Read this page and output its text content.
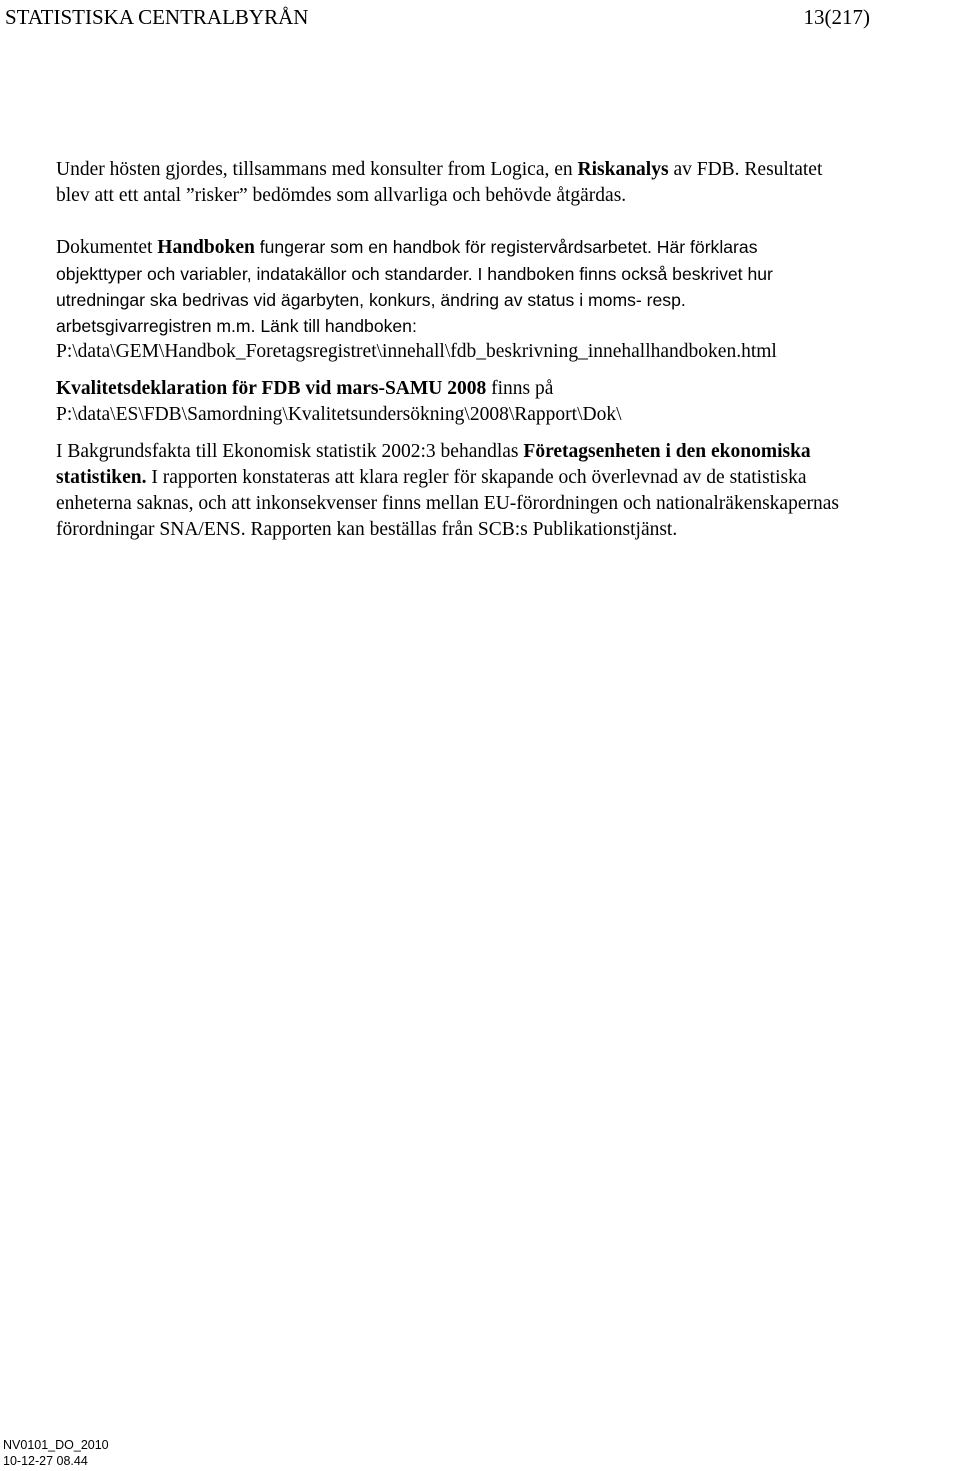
STATISTISKA CENTRALBYRÅN	13(217)

Under hösten gjordes, tillsammans med konsulter from Logica, en Riskanalys av FDB. Resultatet
blev att ett antal ”risker” bedömdes som allvarliga och behövde åtgärdas.

Dokumentet Handboken fungerar som en handbok för registervårdsarbetet. Här förklaras
objekttyper och variabler, indatakällor och standarder. I handboken finns också beskrivet hur
utredningar ska bedrivas vid ägarbyten, konkurs, ändring av status i moms- resp.
arbetsgivarregistren m.m. Länk till handboken:
P:\data\GEM\Handbok_Foretagsregistret\innehall\fdb_beskrivning_innehallhandboken.html

Kvalitetsdeklaration för FDB vid mars-SAMU 2008 finns på
P:\data\ES\FDB\Samordning\Kvalitetsundersökning\2008\Rapport\Dok\

I Bakgrundsfakta till Ekonomisk statistik 2002:3 behandlas Företagsenheten i den ekonomiska
statistiken. I rapporten konstateras att klara regler för skapande och överlevnad av de statistiska
enheterna saknas, och att inkonsekvenser finns mellan EU-förordningen och nationalräkenskapernas
förordningar SNA/ENS. Rapporten kan beställas från SCB:s Publikationstjänst.

NV0101_DO_2010
10-12-27 08.44
